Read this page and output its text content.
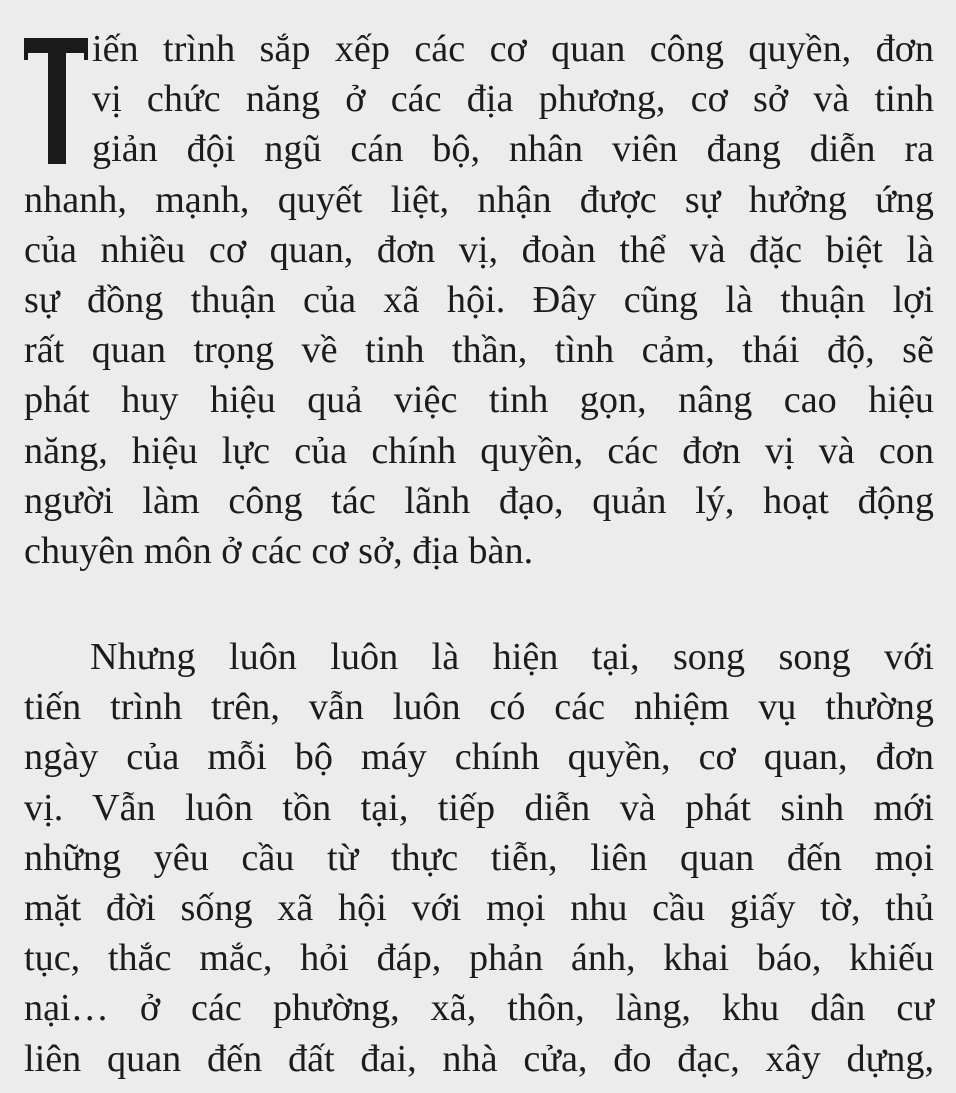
iến trình sắp xếp các cơ quan công quyền, đơn
vị chức năng ở các địa phương, cơ sở và tinh
giản đội ngũ cán bộ, nhân viên đang diễn ra
nhanh, mạnh, quyết liệt, nhận được sự hưởng ứng
của nhiều cơ quan, đơn vị, đoàn thể và đặc biệt là
sự đồng thuận của xã hội. Đây cũng là thuận lợi
rất quan trọng về tinh thần, tình cảm, thái độ, sẽ
phát huy hiệu quả việc tinh gọn, nâng cao hiệu
năng, hiệu lực của chính quyền, các đơn vị và con
người làm công tác lãnh đạo, quản lý, hoạt động
chuyên môn ở các cơ sở, địa bàn.
Nhưng luôn luôn là hiện tại, song song với
tiến trình trên, vẫn luôn có các nhiệm vụ thường
ngày của mỗi bộ máy chính quyền, cơ quan, đơn
vị. Vẫn luôn tồn tại, tiếp diễn và phát sinh mới
những yêu cầu từ thực tiễn, liên quan đến mọi
mặt đời sống xã hội với mọi nhu cầu giấy tờ, thủ
tục, thắc mắc, hỏi đáp, phản ánh, khai báo, khiếu
nại… ở các phường, xã, thôn, làng, khu dân cư
liên quan đến đất đai, nhà cửa, đo đạc, xây dựng,
